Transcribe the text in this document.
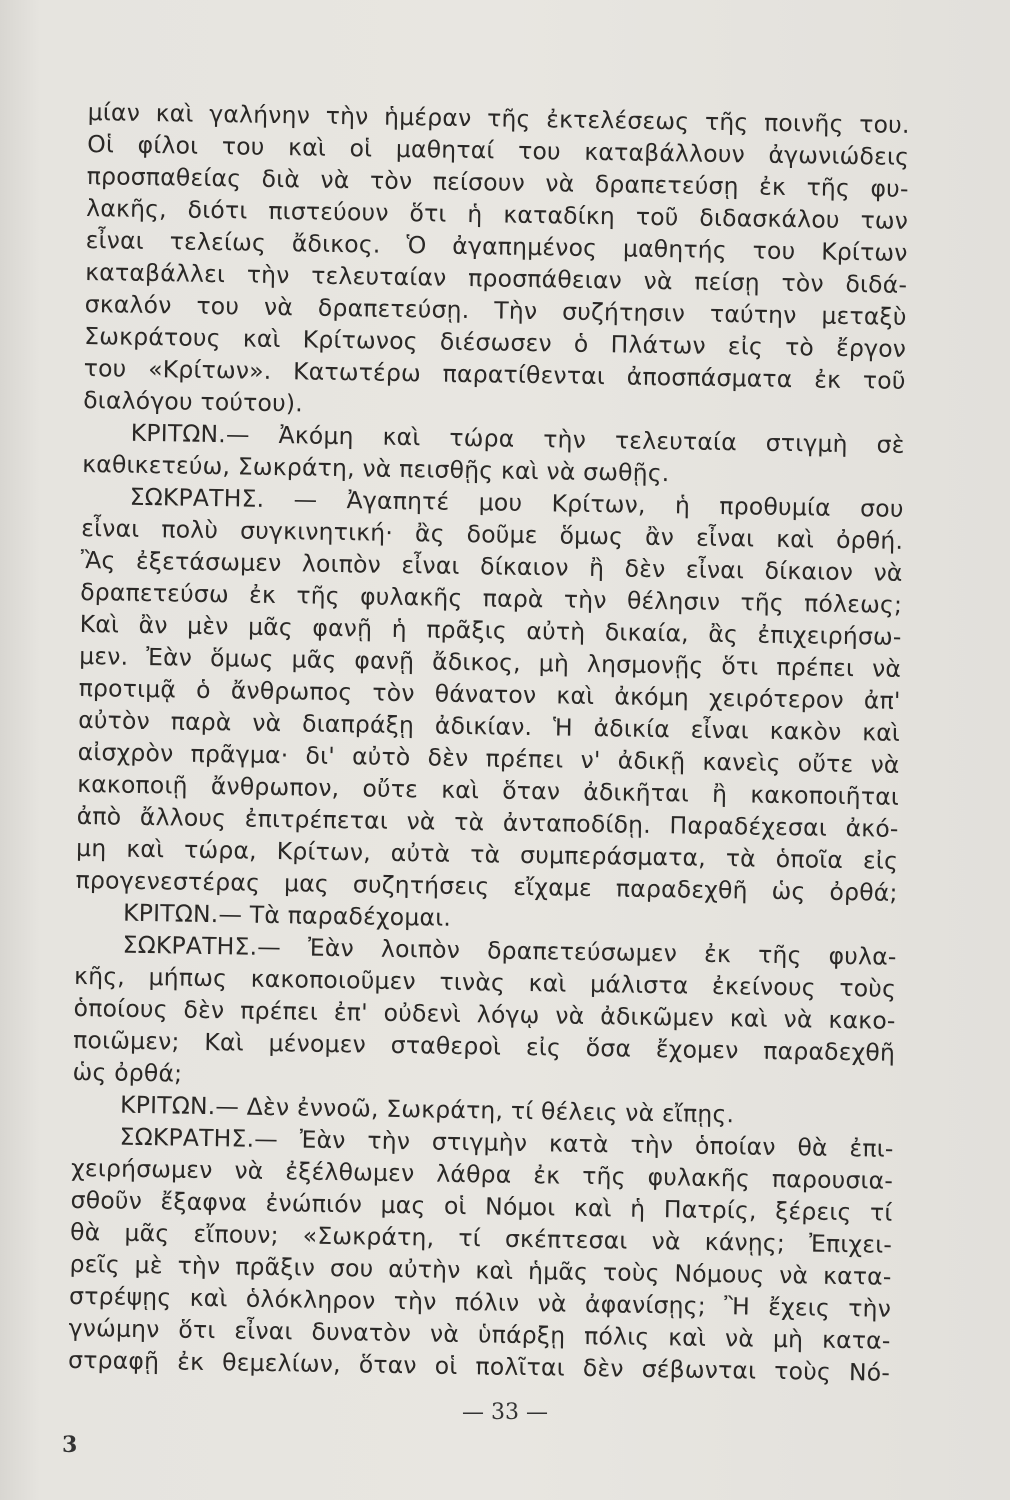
μίαν καὶ γαλήνην τὴν ἡμέραν τῆς ἐκτελέσεως τῆς ποινῆς του.
Οἱ φίλοι του καὶ οἱ μαθηταί του καταβάλλουν ἀγωνιώδεις
προσπαθείας διὰ νὰ τὸν πείσουν νὰ δραπετεύσῃ ἐκ τῆς φυ-
λακῆς, διότι πιστεύουν ὅτι ἡ καταδίκη τοῦ διδασκάλου των
εἶναι τελείως ἄδικος. Ὁ ἀγαπημένος μαθητής του Κρίτων
καταβάλλει τὴν τελευταίαν προσπάθειαν νὰ πείσῃ τὸν διδά-
σκαλόν του νὰ δραπετεύσῃ. Τὴν συζήτησιν ταύτην μεταξὺ
Σωκράτους καὶ Κρίτωνος διέσωσεν ὁ Πλάτων εἰς τὸ ἔργον
του «Κρίτων». Κατωτέρω παρατίθενται ἀποσπάσματα ἐκ τοῦ
διαλόγου τούτου).
ΚΡΙΤΩΝ.— Ἀκόμη καὶ τώρα τὴν τελευταία στιγμὴ σὲ
καθικετεύω, Σωκράτη, νὰ πεισθῇς καὶ νὰ σωθῇς.
ΣΩΚΡΑΤΗΣ. — Ἀγαπητέ μου Κρίτων, ἡ προθυμία σου
εἶναι πολὺ συγκινητική· ἂς δοῦμε ὅμως ἂν εἶναι καὶ ὀρθή.
Ἂς ἐξετάσωμεν λοιπὸν εἶναι δίκαιον ἢ δὲν εἶναι δίκαιον νὰ
δραπετεύσω ἐκ τῆς φυλακῆς παρὰ τὴν θέλησιν τῆς πόλεως;
Καὶ ἂν μὲν μᾶς φανῇ ἡ πρᾶξις αὐτὴ δικαία, ἂς ἐπιχειρήσω-
μεν. Ἐὰν ὅμως μᾶς φανῇ ἄδικος, μὴ λησμονῇς ὅτι πρέπει νὰ
προτιμᾷ ὁ ἄνθρωπος τὸν θάνατον καὶ ἀκόμη χειρότερον ἀπ'
αὐτὸν παρὰ νὰ διαπράξῃ ἀδικίαν. Ἡ ἀδικία εἶναι κακὸν καὶ
αἰσχρὸν πρᾶγμα· δι' αὐτὸ δὲν πρέπει ν' ἀδικῇ κανεὶς οὔτε νὰ
κακοποιῇ ἄνθρωπον, οὔτε καὶ ὅταν ἀδικῆται ἢ κακοποιῆται
ἀπὸ ἄλλους ἐπιτρέπεται νὰ τὰ ἀνταποδίδῃ. Παραδέχεσαι ἀκό-
μη καὶ τώρα, Κρίτων, αὐτὰ τὰ συμπεράσματα, τὰ ὁποῖα εἰς
προγενεστέρας μας συζητήσεις εἴχαμε παραδεχθῆ ὡς ὀρθά;
ΚΡΙΤΩΝ.— Τὰ παραδέχομαι.
ΣΩΚΡΑΤΗΣ.— Ἐὰν λοιπὸν δραπετεύσωμεν ἐκ τῆς φυλα-
κῆς, μήπως κακοποιοῦμεν τινὰς καὶ μάλιστα ἐκείνους τοὺς
ὁποίους δὲν πρέπει ἐπ' οὐδενὶ λόγῳ νὰ ἀδικῶμεν καὶ νὰ κακο-
ποιῶμεν; Καὶ μένομεν σταθεροὶ εἰς ὅσα ἔχομεν παραδεχθῆ
ὡς ὀρθά;
ΚΡΙΤΩΝ.— Δὲν ἐννοῶ, Σωκράτη, τί θέλεις νὰ εἴπῃς.
ΣΩΚΡΑΤΗΣ.— Ἐὰν τὴν στιγμὴν κατὰ τὴν ὁποίαν θὰ ἐπι-
χειρήσωμεν νὰ ἐξέλθωμεν λάθρα ἐκ τῆς φυλακῆς παρουσια-
σθοῦν ἔξαφνα ἐνώπιόν μας οἱ Νόμοι καὶ ἡ Πατρίς, ξέρεις τί
θὰ μᾶς εἴπουν; «Σωκράτη, τί σκέπτεσαι νὰ κάνῃς; Ἐπιχει-
ρεῖς μὲ τὴν πρᾶξιν σου αὐτὴν καὶ ἡμᾶς τοὺς Νόμους νὰ κατα-
στρέψῃς καὶ ὁλόκληρον τὴν πόλιν νὰ ἀφανίσῃς; Ἢ ἔχεις τὴν
γνώμην ὅτι εἶναι δυνατὸν νὰ ὑπάρξῃ πόλις καὶ νὰ μὴ κατα-
στραφῇ ἐκ θεμελίων, ὅταν οἱ πολῖται δὲν σέβωνται τοὺς Νό-
— 33 —
3
